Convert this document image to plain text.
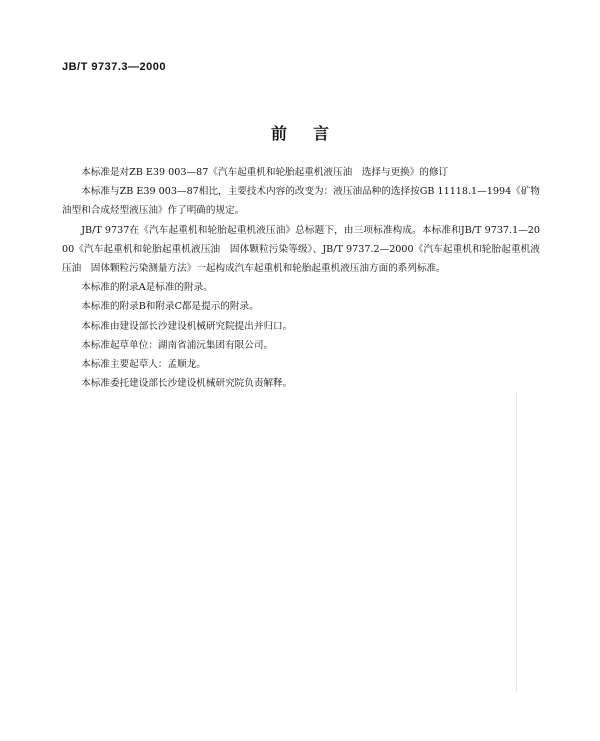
JB/T 9737.3—2000
前言

本标准是对ZB E39 003—87《汽车起重机和轮胎起重机液压油　选择与更换》的修订

本标准与ZB E39 003—87相比，主要技术内容的改变为：液压油品种的选择按GB 11118.1—1994《矿物油型和合成烃型液压油》作了明确的规定。

JB/T 9737在《汽车起重机和轮胎起重机液压油》总标题下，由三项标准构成。本标准和JB/T 9737.1—2000《汽车起重机和轮胎起重机液压油　固体颗粒污染等级》、JB/T 9737.2—2000《汽车起重机和轮胎起重机液压油　固体颗粒污染测量方法》一起构成汽车起重机和轮胎起重机液压油方面的系列标准。

本标准的附录A是标准的附录。

本标准的附录B和附录C都是提示的附录。

本标准由建设部长沙建设机械研究院提出并归口。

本标准起草单位：湖南省浦沅集团有限公司。

本标准主要起草人：孟顺龙。

本标准委托建设部长沙建设机械研究院负责解释。
